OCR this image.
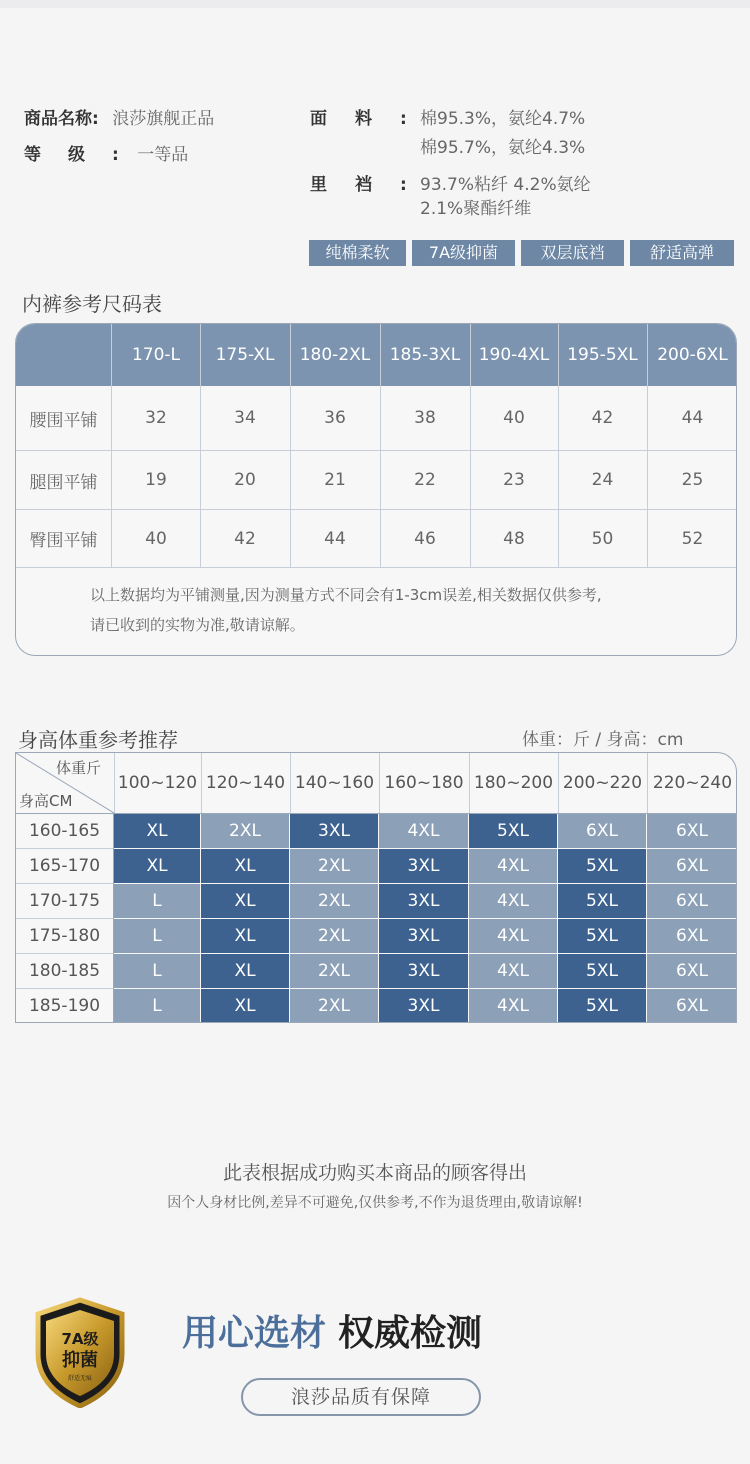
商品名称: 浪莎旗舰正品
等级: 一等品
面料:
棉95.3%，氨纶4.7%
棉95.7%，氨纶4.3%
里裆:
93.7%粘纤 4.2%氨纶
2.1%聚酯纤维
纯棉柔软	7A级抑菌	双层底裆	舒适高弹
内裤参考尺码表
170-L	175-XL	180-2XL	185-3XL	190-4XL	195-5XL	200-6XL
腰围平铺	32	34	36	38	40	42	44
腿围平铺	19	20	21	22	23	24	25
臀围平铺	40	42	44	46	48	50	52
以上数据均为平铺测量,因为测量方式不同会有1-3cm误差,相关数据仅供参考,
请已收到的实物为准,敬请谅解。
身高体重参考推荐	体重：斤 / 身高：cm
体重斤
身高CM
100~120 120~140 140~160 160~180 180~200 200~220 220~240
160-165	XL	2XL	3XL	4XL	5XL	6XL	6XL
165-170	XL	XL	2XL	3XL	4XL	5XL	6XL
170-175	L	XL	2XL	3XL	4XL	5XL	6XL
175-180	L	XL	2XL	3XL	4XL	5XL	6XL
180-185	L	XL	2XL	3XL	4XL	5XL	6XL
185-190	L	XL	2XL	3XL	4XL	5XL	6XL
此表根据成功购买本商品的顾客得出
因个人身材比例,差异不可避免,仅供参考,不作为退货理由,敬请谅解!
7A级
抑菌
舒适无痕
用心选材 权威检测
浪莎品质有保障
